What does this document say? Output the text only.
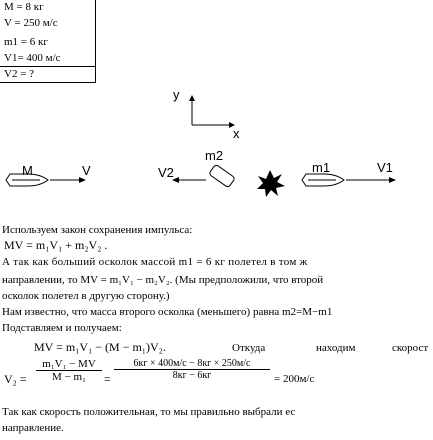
M = 8 кг
V = 250 м/с
m1 = 6 кг
V1= 400 м/с
V2 = ?
y
x
M	V	V2
m2
m1	V1
Используем закон сохранения импульса:
MV = m₁V₁ + m₂V₂ .
А так как больший осколок массой m1 = 6 кг полетел в том ж
направлении, то MV = m₁V₁ − m₂V₂. (Мы предположили, что второй
осколок полетел в другую сторону.)
Нам известно, что масса второго осколка (меньшего) равна m2=M−m1
Подставляем и получаем:
MV = m₁V₁ − (M − m₁)V₂.	Откуда	находим	скорост
$V_2 = \frac{\text{m₁V₁ − MV}}{\text{M − m₁}}$ =
6кг × 400м/с − 8кг × 250м/с
8кг − 6кг	= 200м/с
Так как скорость положительная, то мы правильно выбрали ес
направление.
